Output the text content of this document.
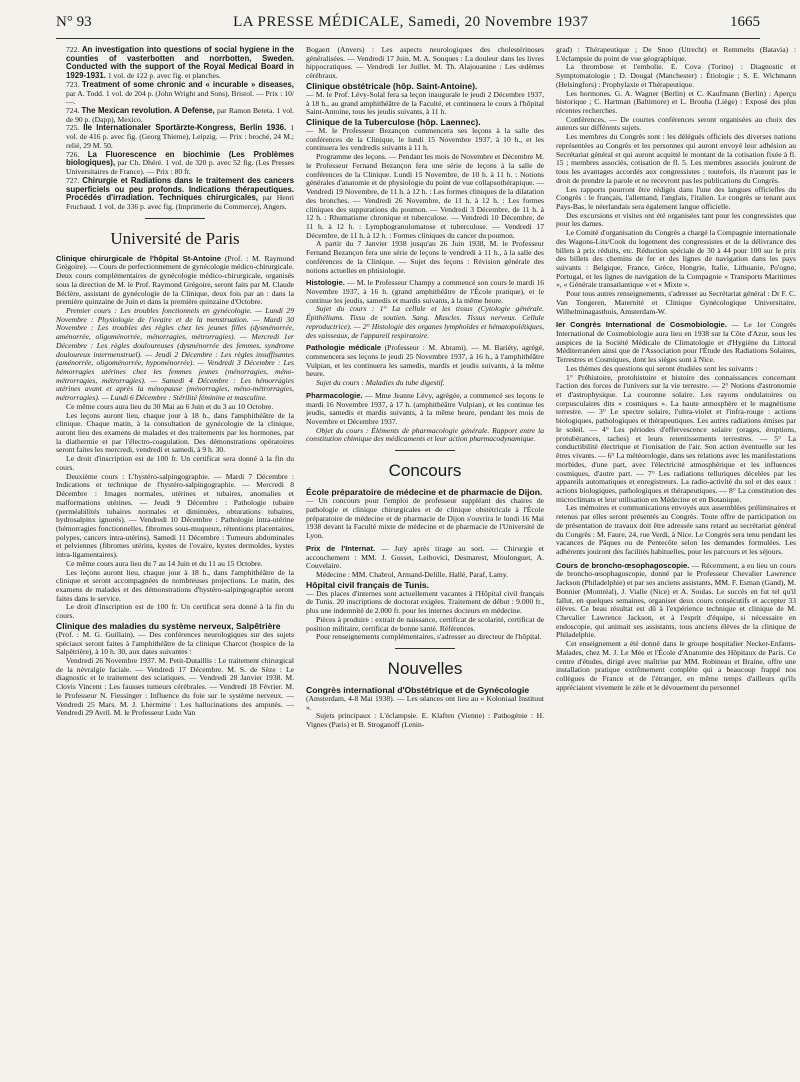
N° 93	LA PRESSE MÉDICALE, Samedi, 20 Novembre 1937	1665

722. An investigation into questions of social hygiene in the counties of vasterbotten and norrbotten, Sweden. Conducted with the support of the Royal Medical Board in 1929-1931. 1 vol. de 122 p. avec fig. et planches.

723. Treatment of some chronic and « incurable » diseases, par A. Todd. 1 vol. de 204 p. (John Wright and Sons), Bristol. — Prix : 10/—.

724. The Mexican revolution. A Defense, par Ramon Beteta. 1 vol. de 90 p. (Dapp), Mexico.

725. IIe Internationaler Sportärzte-Kongress, Berlin 1936. 1 vol. de 416 p. avec fig. (Georg Thieme), Leipzig. — Prix : broché, 24 M.; relié, 29 M. 50.

726. La Fluorescence en biochimie (Les Problèmes biologiques), par Ch. Dhéré. 1 vol. de 320 p. avec 52 fig. (Les Presses Universitaires de France). — Prix : 80 fr.

727. Chirurgie et Radiations dans le traitement des cancers superficiels ou peu profonds. Indications thérapeutiques. Procédés d'irradiation. Techniques chirurgicales, par Henri Fruchaud. 1 vol. de 336 p. avec fig. (Imprimerie du Commerce), Angers.

Université de Paris

Clinique chirurgicale de l'hôpital St-Antoine (Prof. : M. Raymond Grégoire). — Cours de perfectionnement de gynécologie médico-chirurgicale. Deux cours complémentaires de gynécologie médico-chirurgicale, organisés sous la direction de M. le Prof. Raymond Grégoire, seront faits par M. Claude Béclère, assistant de gynécologie de la Clinique, deux fois par an : dans la première quinzaine de Juin et dans la première quinzaine d'Octobre.

Premier cours : Les troubles fonctionnels en gynécologie. — Lundi 29 Novembre : Physiologie de l'ovaire et de la menstruation. — Mardi 30 Novembre : Les troubles des règles chez les jeunes filles (dysménorrée, aménorrée, oligoménorrée, ménorragies, métrorragies). — Mercredi 1er Décembre : Les règles douloureuses (dysménorrée des femmes, syndrome douloureux intermenstruel). — Jeudi 2 Décembre : Les règles insuffisantes (aménorrée, oligoménorrée, hypoménorrée). — Vendredi 3 Décembre : Les hémorragies utérines chez les femmes jeunes (ménorragies, méno-métrorragies, métrorragies). — Samedi 4 Décembre : Les hémorragies utérines avant et après la ménopause (ménorragies, méno-métrorragies, métrorragies). — Lundi 6 Décembre : Stérilité féminine et masculine.

Ce même cours aura lieu du 30 Mai au 6 Juin et du 3 au 10 Octobre.

Les leçons auront lieu, chaque jour à 18 h., dans l'amphithéâtre de la clinique. Chaque matin, à la consultation de gynécologie de la clinique, auront lieu des examens de malades et des traitements par les hormones, par la diathermie et par l'électro-coagulation. Des démonstrations opératoires seront faites les mercredi, vendredi et samedi, à 9 h. 30.

Le droit d'inscription est de 100 fr. Un certificat sera donné à la fin du cours.

Deuxième cours : L'hystéro-salpingographie. — Mardi 7 Décembre : Indications et technique de l'hystéro-salpingographie. — Mercredi 8 Décembre : Images normales, utérines et tubaires, anomalies et malformations utérines. — Jeudi 9 Décembre : Pathologie tubaire (perméabilités tubaires normales et diminuées, obturations tubaires, hydrosalpinx ignorés). — Vendredi 10 Décembre : Pathologie intra-utérine (hémorragies fonctionnelles, fibromes sous-muqueux, rétentions placentaires, polypes, cancers intra-utérins). Samedi 11 Décembre : Tumeurs abdominales et pelviennes (fibromes utérins, kystes de l'ovaire, kystes dermoïdes, kystes intra-ligamentaires).

Ce même cours aura lieu du 7 au 14 Juin et du 11 au 15 Octobre.

Les leçons auront lieu, chaque jour à 18 h., dans l'amphithéâtre de la clinique et seront accompagnées de nombreuses projections. Le matin, des examens de malades et des démonstrations d'hystéro-salpingographie seront faites dans le service.

Le droit d'inscription est de 100 fr. Un certificat sera donné à la fin du cours.

Clinique des maladies du système nerveux, Salpêtrière

(Prof. : M. G. Guillain). — Des conférences neurologiques sur des sujets spéciaux seront faites à l'amphithéâtre de la clinique Charcot (hospice de la Salpêtrière), à 10 h. 30, aux dates suivantes :

Vendredi 26 Novembre 1937. M. Petit-Dutaillis : Le traitement chirurgical de la névralgie faciale. — Vendredi 17 Décembre. M. S. de Sèze : Le diagnostic et le traitement des sciatiques. — Vendredi 28 Janvier 1938. M. Clovis Vincent : Les fausses tumeurs cérébrales. — Vendredi 18 Février. M. le Professeur N. Fiessinger : Influence du foie sur le système nerveux. — Vendredi 25 Mars. M. J. Lhermitte : Les hallucinations des amputés. — Vendredi 29 Avril. M. le Professeur Ludo Van

Bogaert (Anvers) : Les aspects neurologiques des cholestérinoses généralisées. — Vendredi 17 Juin. M. A. Souques : La douleur dans les livres hippocratiques. — Vendredi 1er Juillet. M. Th. Alajouanine : Les œdèmes cérébraux.

Clinique obstétricale (hôp. Saint-Antoine).

— M. le Prof. Lévy-Solal fera sa leçon inaugurale le jeudi 2 Décembre 1937, à 18 h., au grand amphithéâtre de la Faculté, et continuera le cours à l'hôpital Saint-Antoine, tous les jeudis suivants, à 11 h.

Clinique de la Tuberculose (hôp. Laennec).

— M. le Professeur Bezançon commencera ses leçons à la salle des conférences de la Clinique, le lundi 15 Novembre 1937, à 10 h., et les continuera les vendredis suivants à 11 h.

Programme des leçons. — Pendant les mois de Novembre et Décembre M. le Professeur Fernand Bezançon fera une série de leçons à la salle de conférences de la Clinique. Lundi 15 Novembre, de 10 h. à 11 h. : Notions générales d'anatomie et de physiologie du point de vue collapsothérapique. — Vendredi 19 Novembre, de 11 h. à 12 h. : Les formes cliniques de la dilatation des bronches. — Vendredi 26 Novembre, de 11 h. à 12 h. : Les formes cliniques des suppurations du poumon. — Vendredi 3 Décembre, de 11 h. à 12 h. : Rhumatisme chronique et tuberculose. — Vendredi 10 Décembre, de 11 h. à 12 h. : Lymphogranulomatose et tuberculose. — Vendredi 17 Décembre, de 11 h. à 12 h. : Formes cliniques du cancer du poumon.

A partir du 7 Janvier 1938 jusqu'au 26 Juin 1938, M. le Professeur Fernand Bezançon fera une série de leçons le vendredi à 11 h., à la salle des conférences de la Clinique. — Sujet des leçons : Révision générale des notions actuelles en phtisiologie.

Histologie. — M. le Professeur Champy a commencé son cours le mardi 16 Novembre 1937, à 16 h. (grand amphithéâtre de l'École pratique), et le continue les jeudis, samedis et mardis suivants, à la même heure.

Sujet du cours : 1° La cellule et les tissus (Cytologie générale. Épithéliums. Tissu de soutien. Sang. Muscles. Tissus nerveux. Cellule reproductrice). — 2° Histologie des organes lymphoïdes et hématopoïétiques, des vaisseaux, de l'appareil respiratoire.

Pathologie médicale (Professeur : M. Abrami). — M. Bariéty, agrégé, commencera ses leçons le jeudi 25 Novembre 1937, à 16 h., à l'amphithéâtre Vulpian, et les continuera les samedis, mardis et jeudis suivants, à la même heure.

Sujet du cours : Maladies du tube digestif.

Pharmacologie. — Mme Jeanne Lévy, agrégée, a commencé ses leçons le mardi 16 Novembre 1937, à 17 h. (amphithéâtre Vulpian), et les continue les jeudis, samedis et mardis suivants, à la même heure, pendant les mois de Novembre et Décembre 1937.

Objet du cours : Éléments de pharmacologie générale. Rapport entre la constitution chimique des médicaments et leur action pharmacodynamique.

Concours

École préparatoire de médecine et de pharmacie de Dijon.

— Un concours pour l'emploi de professeur suppléant des chaires de pathologie et clinique chirurgicales et de clinique obstétricale à l'École préparatoire de médecine et de pharmacie de Dijon s'ouvrira le lundi 16 Mai 1938 devant la Faculté mixte de médecine et de pharmacie de l'Université de Lyon.

Prix de l'Internat. — Jury après tirage au sort. — Chirurgie et accouchement : MM. J. Gosset, Leibovici, Desmarest, Moulonguet, A. Couvelaire.

Médecine : MM. Chabrol, Armand-Delille, Hallé, Paraf, Lamy.

Hôpital civil français de Tunis.

— Des places d'internes sont actuellement vacantes à l'Hôpital civil français de Tunis. 20 inscriptions de doctorat exigées. Traitement de début : 9.000 fr., plus une indemnité de 2.000 fr. pour les internes docteurs en médecine.

Pièces à produire : extrait de naissance, certificat de scolarité, certificat de position militaire, certificat de bonne santé. Références.

Pour renseignements complémentaires, s'adresser au directeur de l'hôpital.

Nouvelles

Congrès international d'Obstétrique et de Gynécologie

(Amsterdam, 4-8 Mai 1938). — Les séances ont lieu au « Koloniaal Instituut ».

Sujets principaux : L'éclampsie. E. Klaften (Vienne) : Pathogénie : H. Vignes (Paris) et B. Stroganoff (Lenin-

grad) : Thérapeutique ; De Snoo (Utrecht) et Remmelts (Batavia) : L'éclampsie du point de vue géographique.

La thrombose et l'embolie. E. Cova (Torino) : Diagnostic et Symptomatologie ; D. Dougal (Manchester) : Étiologie ; S. E. Wichmann (Helsingfors) : Prophylaxie et Thérapeutique.

Les hormones. G. A. Wagner (Berlin) et C. Kaufmann (Berlin) : Aperçu historique ; C. Hartman (Baltimore) et L. Brouha (Liège) : Exposé des plus récentes recherches.

Conférences. — De courtes conférences seront organisées au choix des auteurs sur différents sujets.

Les membres du Congrès sont : les délégués officiels des diverses nations représentées au Congrès et les personnes qui auront envoyé leur adhésion au Secrétariat général et qui auront acquitté le montant de la cotisation fixée à fl. 15 ; membres associés, cotisation de fl. 5. Les membres associés jouiront de tous les avantages accordés aux congressistes ; toutefois, ils n'auront pas le droit de prendre la parole et ne recevront pas les publications du Congrès.

Les rapports pourront être rédigés dans l'une des langues officielles du Congrès : le français, l'allemand, l'anglais, l'italien. Le congrès se tenant aux Pays-Bas, le néerlandais sera également langue officielle.

Des excursions et visites ont été organisées tant pour les congressistes que pour les dames.

Le Comité d'organisation du Congrès a chargé la Compagnie internationale des Wagons-Lits/Cook du logement des congressistes et de la délivrance des billets à prix réduits, etc. Réduction spéciale de 30 à 44 pour 100 sur le prix des billets des chemins de fer et des lignes de navigation dans les pays suivants : Belgique, France, Grèce, Hongrie, Italie, Lithuanie, Po'ogne, Portugal, et les lignes de navigation de la Compagnie « Transports Maritimes », « Générale transatlantique » et « Mixte ».

Pour tous autres renseignements, s'adresser au Secrétariat général : Dr F. C. Van Tongeren, Maternité et Clinique Gynécologique Universitaire, Wilhelminagasthuis, Amsterdam-W.

Ier Congrès International de Cosmobiologie. — Le 1er Congrès International de Cosmobiologie aura lieu en 1938 sur la Côte d'Azur, sous les auspices de la Société Médicale de Climatologie et d'Hygiène du Littoral Méditerranéen ainsi que de l'Association pour l'Étude des Radiations Solaires, Terrestres et Cosmiques, dont les sièges sont à Nice.

Les thèmes des questions qui seront étudiées sont les suivants :

1° Préhistoire, protohistoire et histoire des connaissances concernant l'action des forces de l'univers sur la vie terrestre. — 2° Notions d'astronomie et d'astrophysique. La couronne solaire. Les rayons ondulatoires ou corpusculaires dits « cosmiques ». La haute atmosphère et le magnétisme terrestre. — 3° Le spectre solaire, l'ultra-violet et l'infra-rouge : actions biologiques, pathologiques et thérapeutiques. Les autres radiations émises par le soleil. — 4° Les périodes d'effervescence solaire (orages, éruptions, protubérances, taches) et leurs retentissements terrestres. — 5° La conductibilité électrique et l'ionisation de l'air. Son action éventuelle sur les êtres vivants. — 6° La météorologie, dans ses relations avec les manifestations morbides, d'une part, avec l'électricité atmosphérique et les influences cosmiques, d'autre part. — 7° Les radiations telluriques décelées par les appareils automatiques et enregistreurs. La radio-activité du sol et des eaux : actions biologiques, pathologiques et thérapeutiques. — 8° La constitution des microclimats et leur utilisation en Médecine et en Botanique.

Les mémoires et communications envoyés aux assemblées préliminaires et retenus par elles seront présentés au Congrès. Toute offre de participation ou de présentation de travaux doit être adressée sans retard au secrétariat général du Congrès : M. Faure, 24, rue Verdi, à Nice. Le Congrès sera tenu pendant les vacances de Pâques ou de Pentecôte selon les demandes formulées. Les adhérents jouiront des facilités habituelles, pour les parcours et les séjours.

Cours de broncho-œsophagoscopie. — Récemment, a eu lieu un cours de broncho-œsophagoscopie, donné par le Professeur Chevalier Lawrence Jackson (Philadelphie) et par ses anciens assistants, MM. F. Esman (Gand), M. Bonnier (Montréal), J. Vialle (Nice) et A. Soulas. Le succès en fut tel qu'il fallut, en quelques semaines, organiser deux cours consécutifs et accepter 33 élèves. Ce beau résultat est dû à l'expérience technique et clinique de M. Chevalier Lawrence Jackson, et à l'esprit d'équipe, si nécessaire en endoscopie, qui animait ses assistants, tous anciens élèves de la clinique de Philadelphie.

Cet enseignement a été donné dans le groupe hospitalier Necker-Enfants-Malades, chez M. J. Le Mée et l'École d'Anatomie des Hôpitaux de Paris. Ce centre d'études, dirigé avec maîtrise par MM. Robineau et Braine, offre une installation pratique extrêmement complète qui a beaucoup frappé nos collègues de France et de l'étranger, en même temps d'ailleurs qu'ils appréciaient vivement le zèle et le dévouement du personnel
